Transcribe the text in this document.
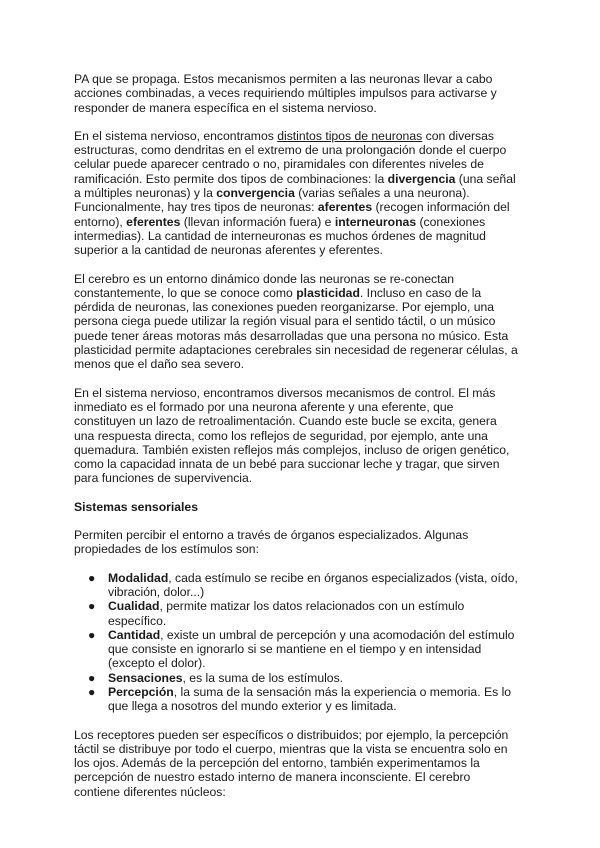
PA que se propaga. Estos mecanismos permiten a las neuronas llevar a cabo acciones combinadas, a veces requiriendo múltiples impulsos para activarse y responder de manera específica en el sistema nervioso.

En el sistema nervioso, encontramos distintos tipos de neuronas con diversas estructuras, como dendritas en el extremo de una prolongación donde el cuerpo celular puede aparecer centrado o no, piramidales con diferentes niveles de ramificación. Esto permite dos tipos de combinaciones: la divergencia (una señal a múltiples neuronas) y la convergencia (varias señales a una neurona). Funcionalmente, hay tres tipos de neuronas: aferentes (recogen información del entorno), eferentes (llevan información fuera) e interneuronas (conexiones intermedias). La cantidad de interneuronas es muchos órdenes de magnitud superior a la cantidad de neuronas aferentes y eferentes.

El cerebro es un entorno dinámico donde las neuronas se re-conectan constantemente, lo que se conoce como plasticidad. Incluso en caso de la pérdida de neuronas, las conexiones pueden reorganizarse. Por ejemplo, una persona ciega puede utilizar la región visual para el sentido táctil, o un músico puede tener áreas motoras más desarrolladas que una persona no músico. Esta plasticidad permite adaptaciones cerebrales sin necesidad de regenerar células, a menos que el daño sea severo.

En el sistema nervioso, encontramos diversos mecanismos de control. El más inmediato es el formado por una neurona aferente y una eferente, que constituyen un lazo de retroalimentación. Cuando este bucle se excita, genera una respuesta directa, como los reflejos de seguridad, por ejemplo, ante una quemadura. También existen reflejos más complejos, incluso de origen genético, como la capacidad innata de un bebé para succionar leche y tragar, que sirven para funciones de supervivencia.

Sistemas sensoriales

Permiten percibir el entorno a través de órganos especializados. Algunas propiedades de los estímulos son:

● Modalidad, cada estímulo se recibe en órganos especializados (vista, oído, vibración, dolor...)
● Cualidad, permite matizar los datos relacionados con un estímulo específico.
● Cantidad, existe un umbral de percepción y una acomodación del estímulo que consiste en ignorarlo si se mantiene en el tiempo y en intensidad (excepto el dolor).
● Sensaciones, es la suma de los estímulos.
● Percepción, la suma de la sensación más la experiencia o memoria. Es lo que llega a nosotros del mundo exterior y es limitada.

Los receptores pueden ser específicos o distribuidos; por ejemplo, la percepción táctil se distribuye por todo el cuerpo, mientras que la vista se encuentra solo en los ojos. Además de la percepción del entorno, también experimentamos la percepción de nuestro estado interno de manera inconsciente. El cerebro contiene diferentes núcleos:
